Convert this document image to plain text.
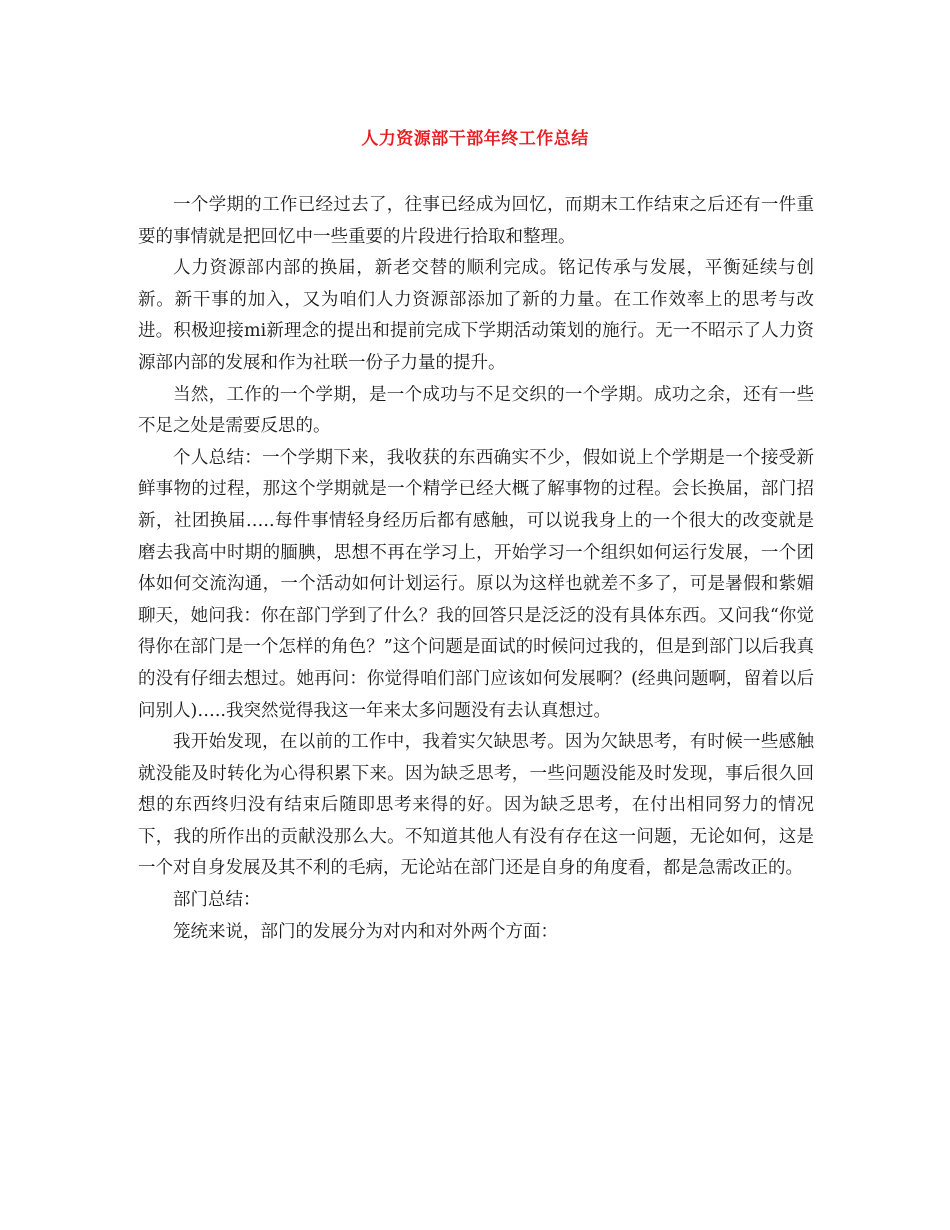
人力资源部干部年终工作总结

一个学期的工作已经过去了，往事已经成为回忆，而期末工作结束之后还有一件重要的事情就是把回忆中一些重要的片段进行拾取和整理。

人力资源部内部的换届，新老交替的顺利完成。铭记传承与发展，平衡延续与创新。新干事的加入，又为咱们人力资源部添加了新的力量。在工作效率上的思考与改进。积极迎接mi新理念的提出和提前完成下学期活动策划的施行。无一不昭示了人力资源部内部的发展和作为社联一份子力量的提升。

当然，工作的一个学期，是一个成功与不足交织的一个学期。成功之余，还有一些不足之处是需要反思的。

个人总结：一个学期下来，我收获的东西确实不少，假如说上个学期是一个接受新鲜事物的过程，那这个学期就是一个精学已经大概了解事物的过程。会长换届，部门招新，社团换届…..每件事情轻身经历后都有感触，可以说我身上的一个很大的改变就是磨去我高中时期的腼腆，思想不再在学习上，开始学习一个组织如何运行发展，一个团体如何交流沟通，一个活动如何计划运行。原以为这样也就差不多了，可是暑假和紫媚聊天，她问我：你在部门学到了什么？我的回答只是泛泛的没有具体东西。又问我“你觉得你在部门是一个怎样的角色？”这个问题是面试的时候问过我的，但是到部门以后我真的没有仔细去想过。她再问：你觉得咱们部门应该如何发展啊？(经典问题啊，留着以后问别人)…..我突然觉得我这一年来太多问题没有去认真想过。

我开始发现，在以前的工作中，我着实欠缺思考。因为欠缺思考，有时候一些感触就没能及时转化为心得积累下来。因为缺乏思考，一些问题没能及时发现，事后很久回想的东西终归没有结束后随即思考来得的好。因为缺乏思考，在付出相同努力的情况下，我的所作出的贡献没那么大。不知道其他人有没有存在这一问题，无论如何，这是一个对自身发展及其不利的毛病，无论站在部门还是自身的角度看，都是急需改正的。

部门总结：

笼统来说，部门的发展分为对内和对外两个方面：
